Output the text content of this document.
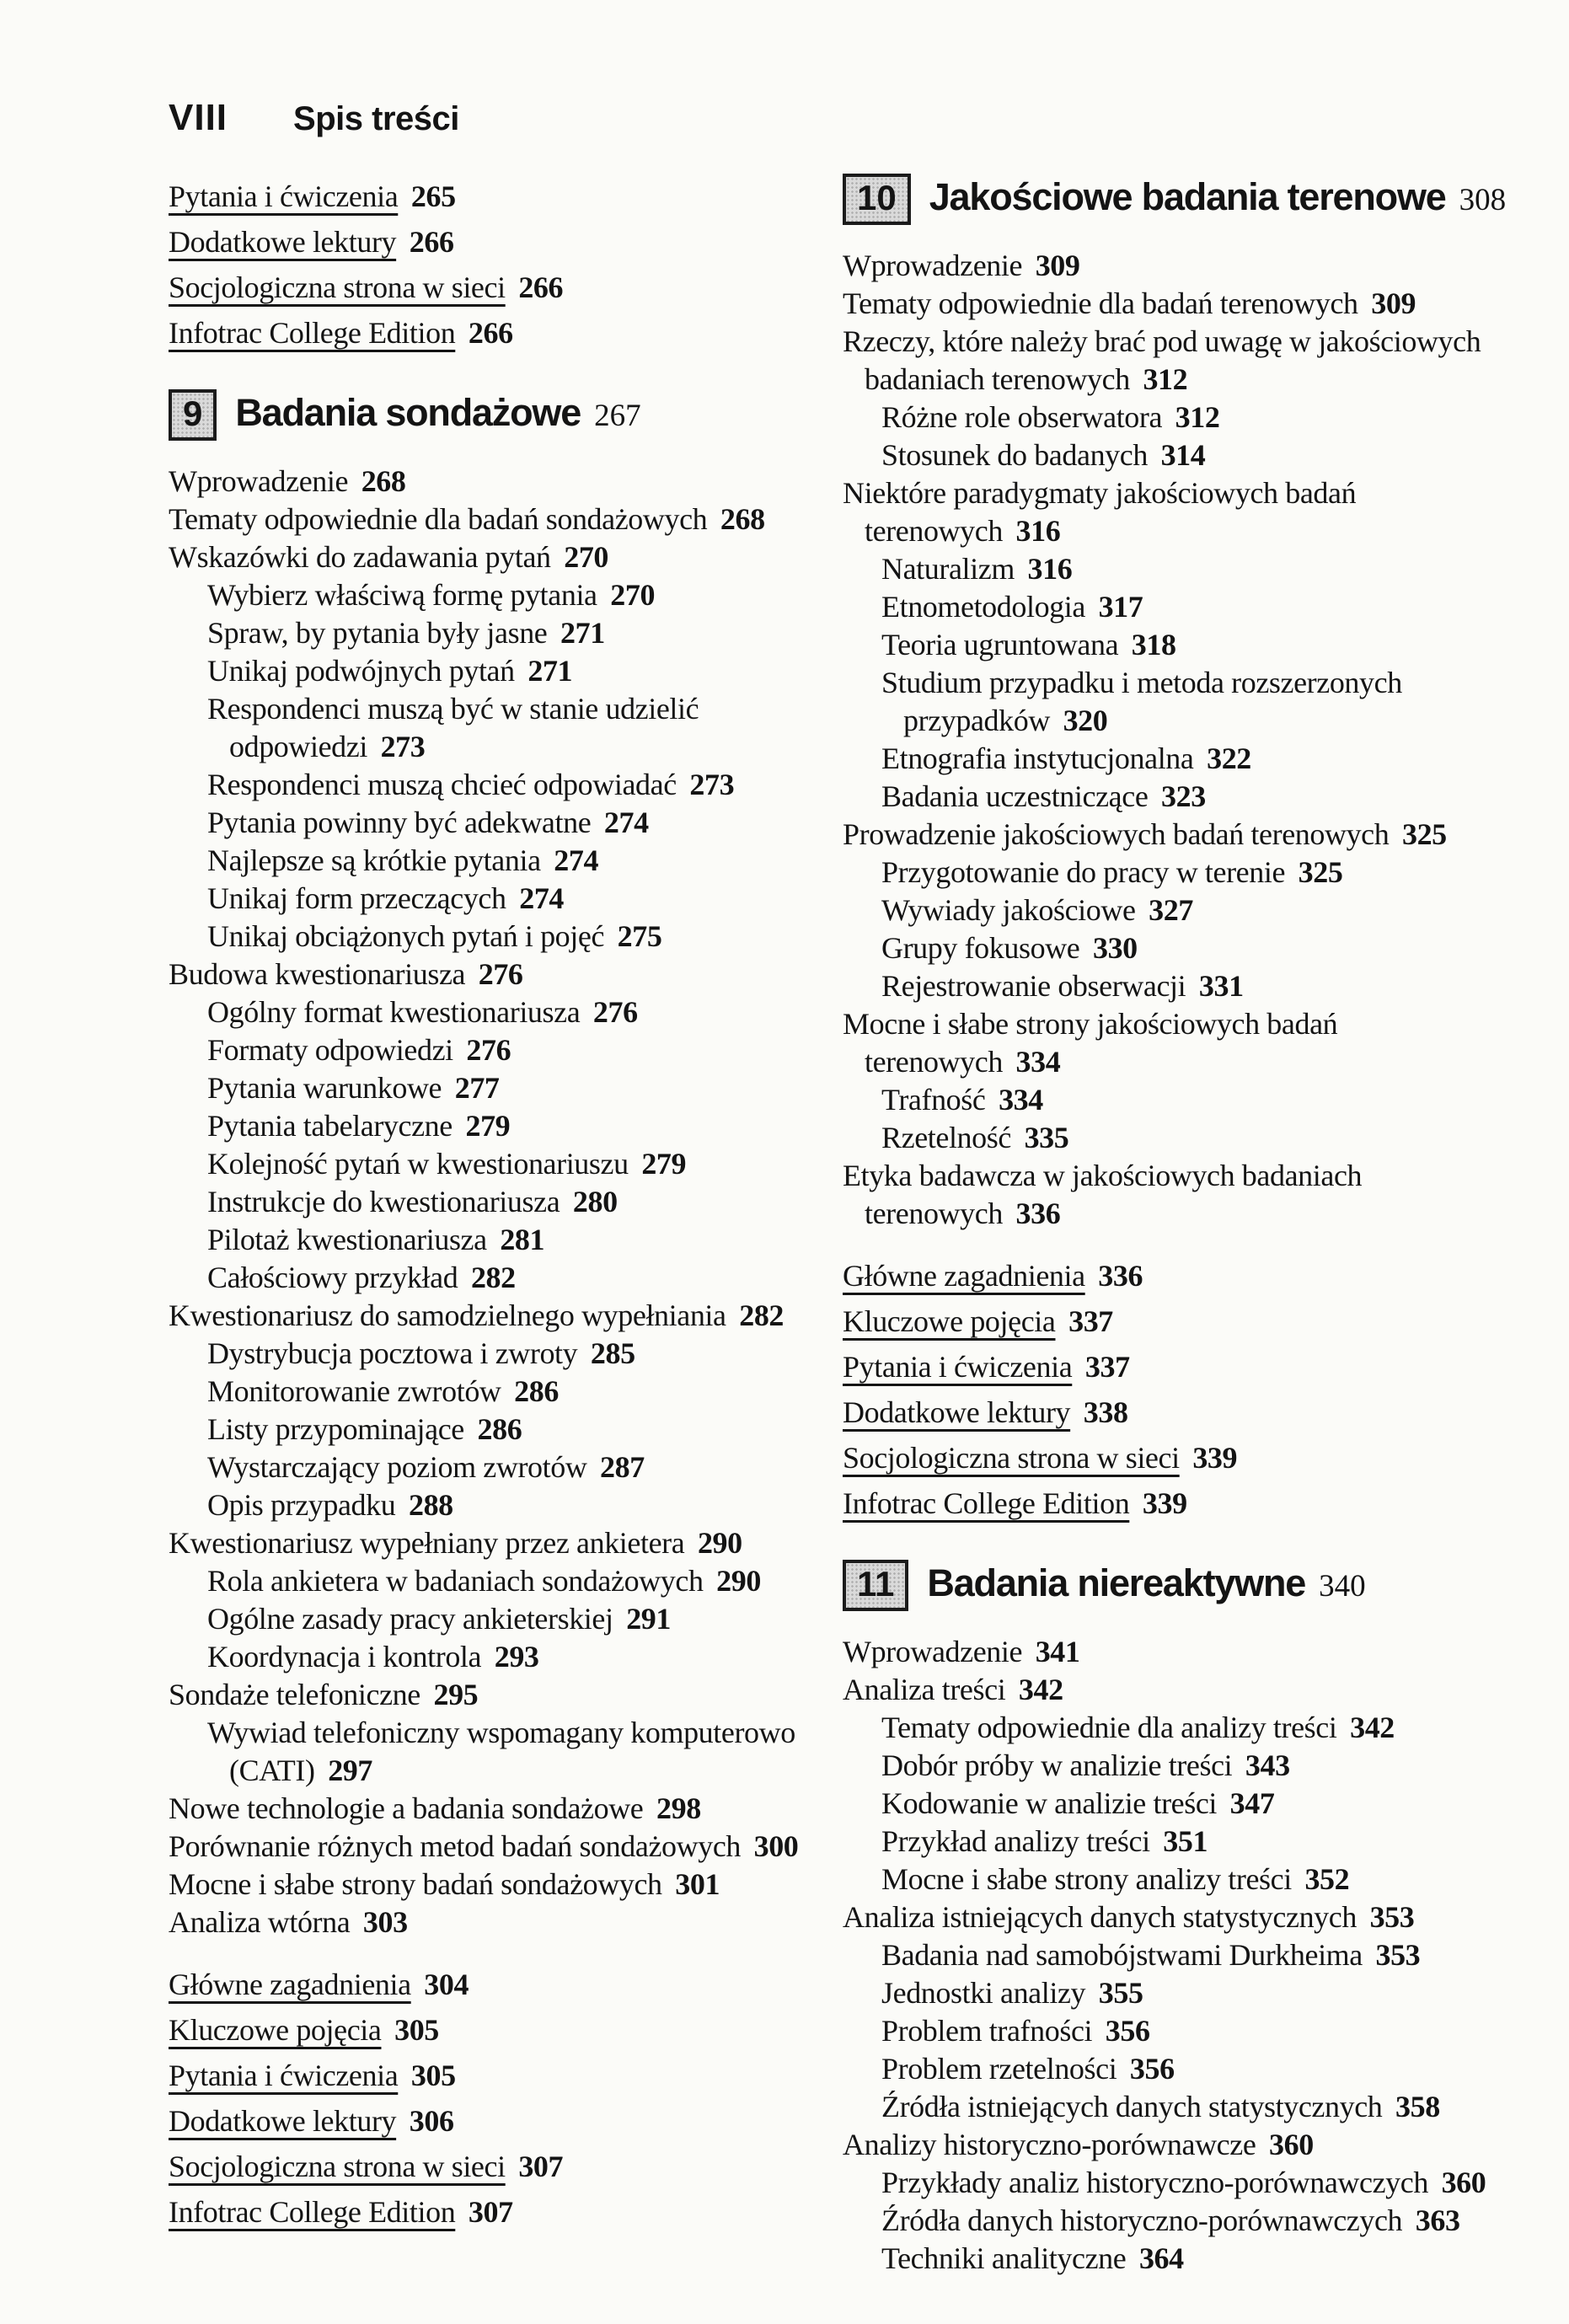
VIII Spis treści
Pytania i ćwiczenia 265
Dodatkowe lektury 266
Socjologiczna strona w sieci 266
Infotrac College Edition 266
9 Badania sondażowe 267
Wprowadzenie 268
Tematy odpowiednie dla badań sondażowych 268
Wskazówki do zadawania pytań 270
Wybierz właściwą formę pytania 270
Spraw, by pytania były jasne 271
Unikaj podwójnych pytań 271
Respondenci muszą być w stanie udzielić
odpowiedzi 273
Respondenci muszą chcieć odpowiadać 273
Pytania powinny być adekwatne 274
Najlepsze są krótkie pytania 274
Unikaj form przeczących 274
Unikaj obciążonych pytań i pojęć 275
Budowa kwestionariusza 276
Ogólny format kwestionariusza 276
Formaty odpowiedzi 276
Pytania warunkowe 277
Pytania tabelaryczne 279
Kolejność pytań w kwestionariuszu 279
Instrukcje do kwestionariusza 280
Pilotaż kwestionariusza 281
Całościowy przykład 282
Kwestionariusz do samodzielnego wypełniania 282
Dystrybucja pocztowa i zwroty 285
Monitorowanie zwrotów 286
Listy przypominające 286
Wystarczający poziom zwrotów 287
Opis przypadku 288
Kwestionariusz wypełniany przez ankietera 290
Rola ankietera w badaniach sondażowych 290
Ogólne zasady pracy ankieterskiej 291
Koordynacja i kontrola 293
Sondaże telefoniczne 295
Wywiad telefoniczny wspomagany komputerowo
(CATI) 297
Nowe technologie a badania sondażowe 298
Porównanie różnych metod badań sondażowych 300
Mocne i słabe strony badań sondażowych 301
Analiza wtórna 303
Główne zagadnienia 304
Kluczowe pojęcia 305
Pytania i ćwiczenia 305
Dodatkowe lektury 306
Socjologiczna strona w sieci 307
Infotrac College Edition 307
10 Jakościowe badania terenowe 308
Wprowadzenie 309
Tematy odpowiednie dla badań terenowych 309
Rzeczy, które należy brać pod uwagę w jakościowych
badaniach terenowych 312
Różne role obserwatora 312
Stosunek do badanych 314
Niektóre paradygmaty jakościowych badań terenowych 316
Naturalizm 316
Etnometodologia 317
Teoria ugruntowana 318
Studium przypadku i metoda rozszerzonych
przypadków 320
Etnografia instytucjonalna 322
Badania uczestniczące 323
Prowadzenie jakościowych badań terenowych 325
Przygotowanie do pracy w terenie 325
Wywiady jakościowe 327
Grupy fokusowe 330
Rejestrowanie obserwacji 331
Mocne i słabe strony jakościowych badań
terenowych 334
Trafność 334
Rzetelność 335
Etyka badawcza w jakościowych badaniach
terenowych 336
Główne zagadnienia 336
Kluczowe pojęcia 337
Pytania i ćwiczenia 337
Dodatkowe lektury 338
Socjologiczna strona w sieci 339
Infotrac College Edition 339
11 Badania niereaktywne 340
Wprowadzenie 341
Analiza treści 342
Tematy odpowiednie dla analizy treści 342
Dobór próby w analizie treści 343
Kodowanie w analizie treści 347
Przykład analizy treści 351
Mocne i słabe strony analizy treści 352
Analiza istniejących danych statystycznych 353
Badania nad samobójstwami Durkheima 353
Jednostki analizy 355
Problem trafności 356
Problem rzetelności 356
Źródła istniejących danych statystycznych 358
Analizy historyczno-porównawcze 360
Przykłady analiz historyczno-porównawczych 360
Źródła danych historyczno-porównawczych 363
Techniki analityczne 364
